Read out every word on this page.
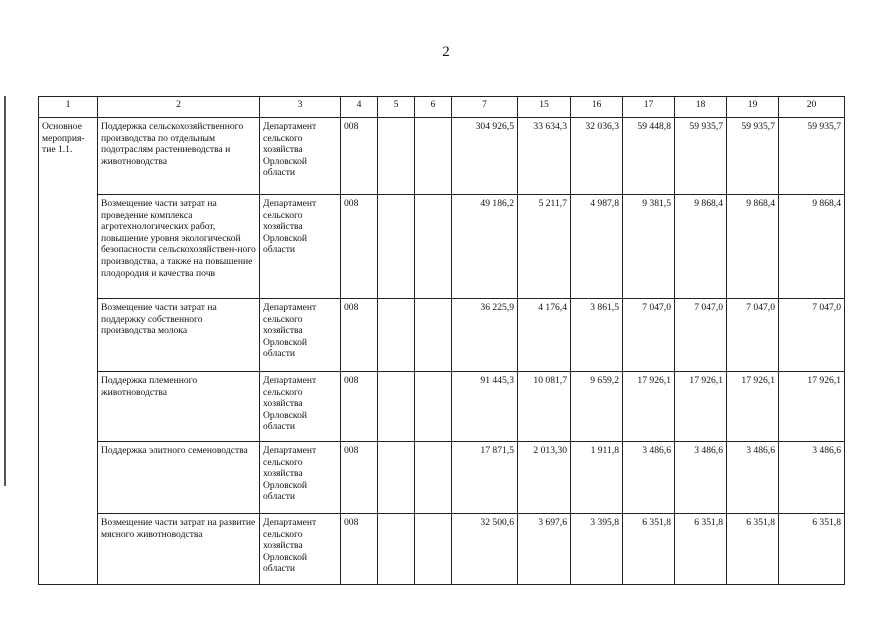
2
1	2	3	4	5	6	7	15	16	17	18	19	20
Основное мероприя-тие 1.1.	Поддержка сельскохозяйственного производства по отдельным подотраслям растениеводства и животноводства	Департамент сельского хозяйства Орловской области	008			304 926,5	33 634,3	32 036,3	59 448,8	59 935,7	59 935,7	59 935,7
	Возмещение части затрат на проведение комплекса агротехнологических работ, повышение уровня экологической безопасности сельскохозяйствен-ного производства, а также на повышение плодородия и качества почв	Департамент сельского хозяйства Орловской области	008			49 186,2	5 211,7	4 987,8	9 381,5	9 868,4	9 868,4	9 868,4
	Возмещение части затрат на поддержку собственного производства молока	Департамент сельского хозяйства Орловской области	008			36 225,9	4 176,4	3 861,5	7 047,0	7 047,0	7 047,0	7 047,0
	Поддержка племенного животноводства	Департамент сельского хозяйства Орловской области	008			91 445,3	10 081,7	9 659,2	17 926,1	17 926,1	17 926,1	17 926,1
	Поддержка элитного семеноводства	Департамент сельского хозяйства Орловской области	008			17 871,5	2 013,30	1 911,8	3 486,6	3 486,6	3 486,6	3 486,6
	Возмещение части затрат на развитие мясного животноводства	Департамент сельского хозяйства Орловской области	008			32 500,6	3 697,6	3 395,8	6 351,8	6 351,8	6 351,8	6 351,8
